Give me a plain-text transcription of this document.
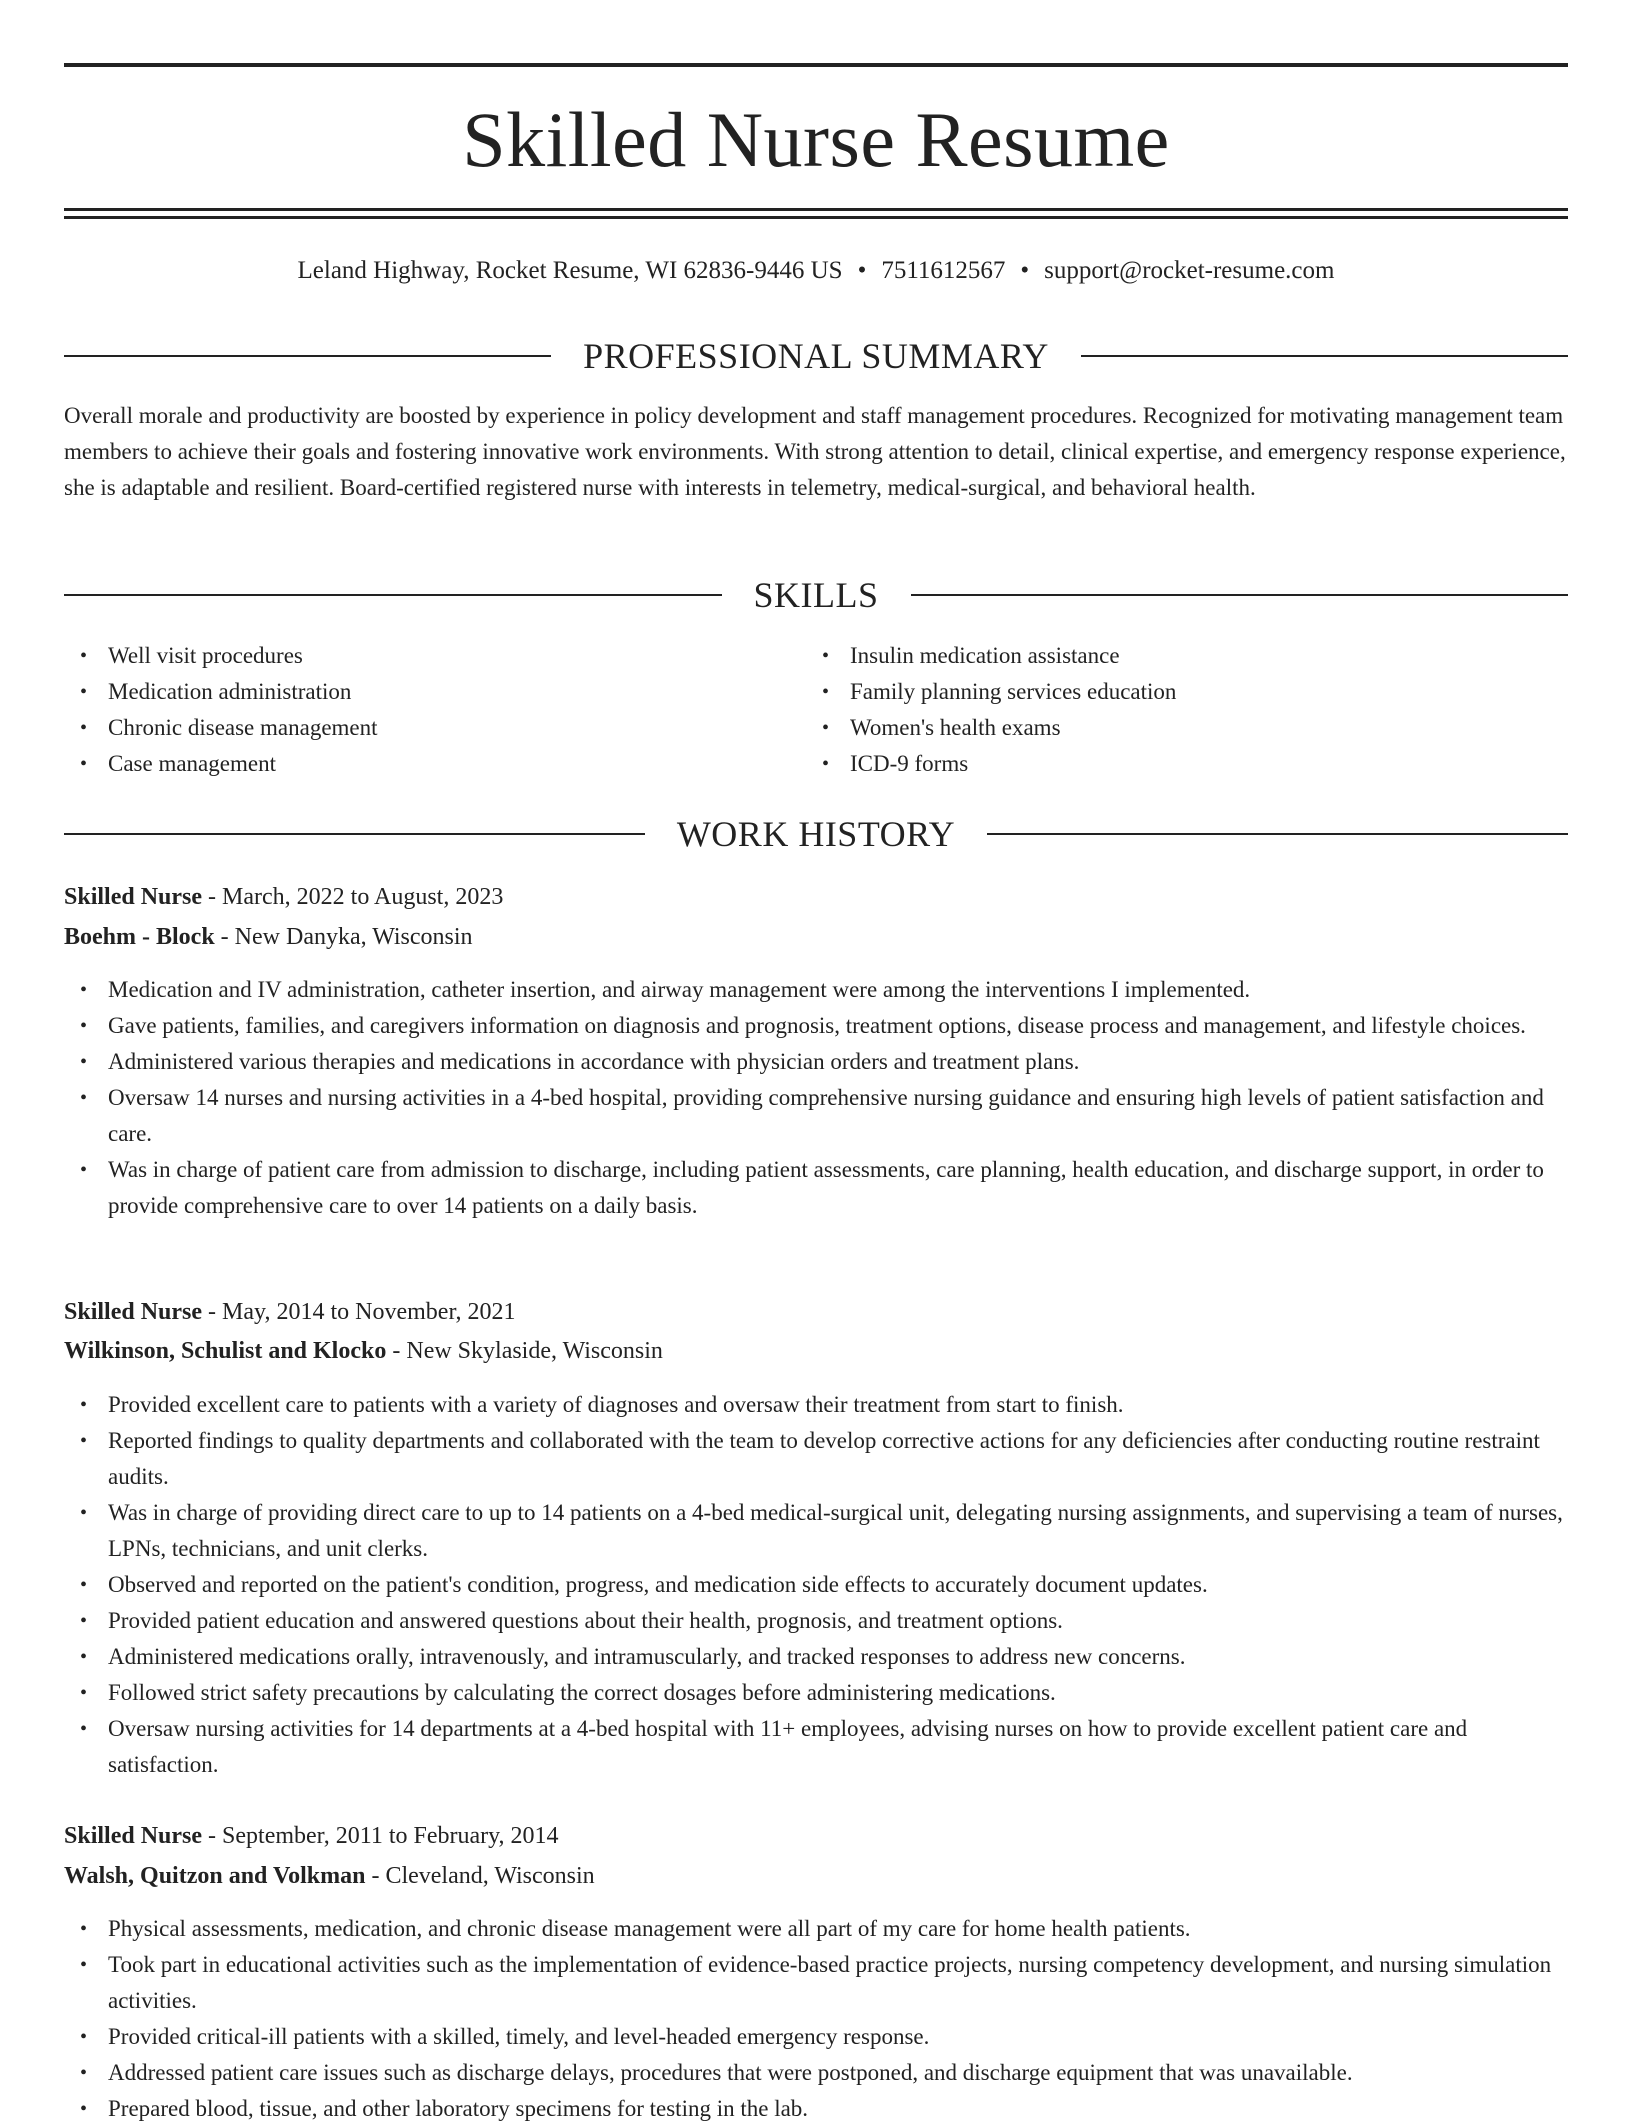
Skilled Nurse Resume

Leland Highway, Rocket Resume, WI 62836-9446 US • 7511612567 • support@rocket-resume.com

PROFESSIONAL SUMMARY

Overall morale and productivity are boosted by experience in policy development and staff management procedures. Recognized for motivating management team members to achieve their goals and fostering innovative work environments. With strong attention to detail, clinical expertise, and emergency response experience, she is adaptable and resilient. Board-certified registered nurse with interests in telemetry, medical-surgical, and behavioral health.

SKILLS
• Well visit procedures
• Medication administration
• Chronic disease management
• Case management
• Insulin medication assistance
• Family planning services education
• Women's health exams
• ICD-9 forms
WORK HISTORY

Skilled Nurse - March, 2022 to August, 2023

Boehm - Block - New Danyka, Wisconsin

• Medication and IV administration, catheter insertion, and airway management were among the interventions I implemented.
• Gave patients, families, and caregivers information on diagnosis and prognosis, treatment options, disease process and management, and lifestyle choices.
• Administered various therapies and medications in accordance with physician orders and treatment plans.
• Oversaw 14 nurses and nursing activities in a 4-bed hospital, providing comprehensive nursing guidance and ensuring high levels of patient satisfaction and care.
• Was in charge of patient care from admission to discharge, including patient assessments, care planning, health education, and discharge support, in order to provide comprehensive care to over 14 patients on a daily basis.

Skilled Nurse - May, 2014 to November, 2021

Wilkinson, Schulist and Klocko - New Skylaside, Wisconsin

• Provided excellent care to patients with a variety of diagnoses and oversaw their treatment from start to finish.
• Reported findings to quality departments and collaborated with the team to develop corrective actions for any deficiencies after conducting routine restraint audits.
• Was in charge of providing direct care to up to 14 patients on a 4-bed medical-surgical unit, delegating nursing assignments, and supervising a team of nurses, LPNs, technicians, and unit clerks.
• Observed and reported on the patient's condition, progress, and medication side effects to accurately document updates.
• Provided patient education and answered questions about their health, prognosis, and treatment options.
• Administered medications orally, intravenously, and intramuscularly, and tracked responses to address new concerns.
• Followed strict safety precautions by calculating the correct dosages before administering medications.
• Oversaw nursing activities for 14 departments at a 4-bed hospital with 11+ employees, advising nurses on how to provide excellent patient care and satisfaction.

Skilled Nurse - September, 2011 to February, 2014

Walsh, Quitzon and Volkman - Cleveland, Wisconsin

• Physical assessments, medication, and chronic disease management were all part of my care for home health patients.
• Took part in educational activities such as the implementation of evidence-based practice projects, nursing competency development, and nursing simulation activities.
• Provided critical-ill patients with a skilled, timely, and level-headed emergency response.
• Addressed patient care issues such as discharge delays, procedures that were postponed, and discharge equipment that was unavailable.
• Prepared blood, tissue, and other laboratory specimens for testing in the lab.
